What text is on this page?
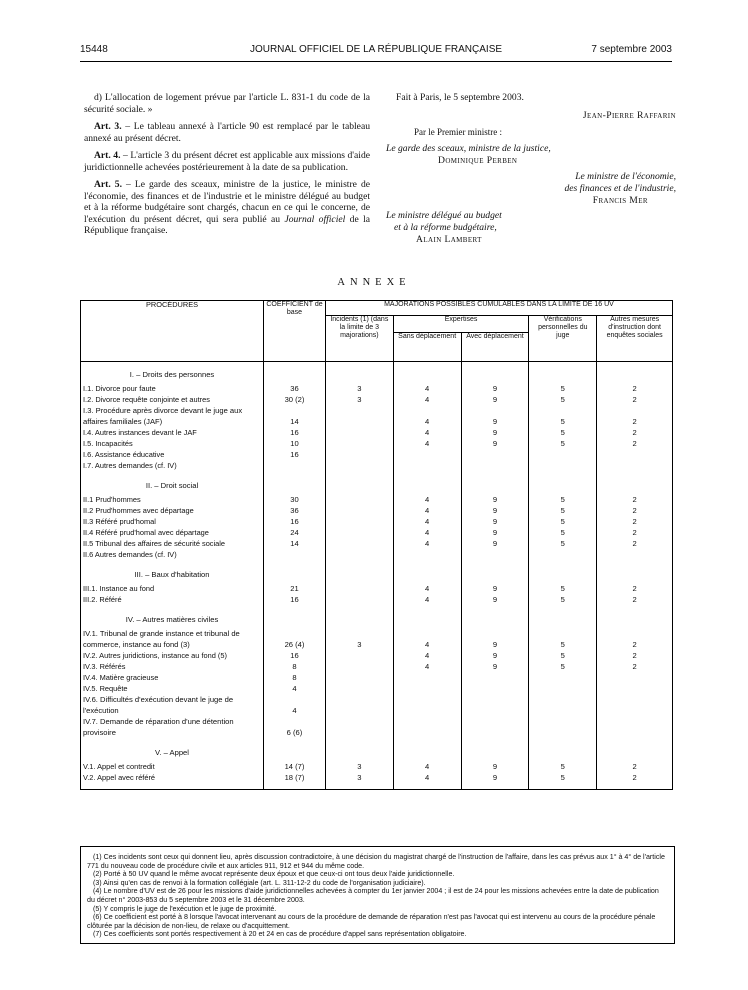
15448	JOURNAL OFFICIEL DE LA RÉPUBLIQUE FRANÇAISE	7 septembre 2003

d) L'allocation de logement prévue par l'article L. 831-1 du code de la sécurité sociale. »

Art. 3. – Le tableau annexé à l'article 90 est remplacé par le tableau annexé au présent décret.

Art. 4. – L'article 3 du présent décret est applicable aux missions d'aide juridictionnelle achevées postérieurement à la date de sa publication.

Art. 5. – Le garde des sceaux, ministre de la justice, le ministre de l'économie, des finances et de l'industrie et le ministre délégué au budget et à la réforme budgétaire sont chargés, chacun en ce qui le concerne, de l'exécution du présent décret, qui sera publié au Journal officiel de la République française.

Fait à Paris, le 5 septembre 2003.
Jean-Pierre Raffarin
Par le Premier ministre :
Le garde des sceaux, ministre de la justice,
Dominique Perben
Le ministre de l'économie,
des finances et de l'industrie,
Francis Mer
Le ministre délégué au budget
et à la réforme budgétaire,
Alain Lambert
ANNEXE
PROCÉDURES	COEFFICIENT de base	MAJORATIONS POSSIBLES CUMULABLES DANS LA LIMITE DE 16 UV				
		Incidents (1) (dans la limite de 3 majorations)	Expertises		Vérifications personnelles du juge	Autres mesures d'instruction dont enquêtes sociales
			Sans déplacement	Avec déplacement		
I. – Droits des personnes						
I.1. Divorce pour faute	36	3	4	9	5	2
I.2. Divorce requête conjointe et autres	30 (2)	3	4	9	5	2
I.3. Procédure après divorce devant le juge aux affaires familiales (JAF)	14		4	9	5	2
I.4. Autres instances devant le JAF	16		4	9	5	2
I.5. Incapacités	10		4	9	5	2
I.6. Assistance éducative	16					
I.7. Autres demandes (cf. IV)						

II. – Droit social						
II.1 Prud'hommes	30		4	9	5	2
II.2 Prud'hommes avec départage	36		4	9	5	2
II.3 Référé prud'homal	16		4	9	5	2
II.4 Référé prud'homal avec départage	24		4	9	5	2
II.5 Tribunal des affaires de sécurité sociale	14		4	9	5	2
II.6 Autres demandes (cf. IV)						

III. – Baux d'habitation						
III.1. Instance au fond	21		4	9	5	2
III.2. Référé	16		4	9	5	2

IV. – Autres matières civiles						
IV.1. Tribunal de grande instance et tribunal de commerce, instance au fond (3)	26 (4)	3	4	9	5	2
IV.2. Autres juridictions, instance au fond (5)	16		4	9	5	2
IV.3. Référés	8		4	9	5	2
IV.4. Matière gracieuse	8					
IV.5. Requête	4					
IV.6. Difficultés d'exécution devant le juge de l'exécution	4					
IV.7. Demande de réparation d'une détention provisoire	6 (6)					

V. – Appel						
V.1. Appel et contredit	14 (7)	3	4	9	5	2
V.2. Appel avec référé	18 (7)	3	4	9	5	2

(1) Ces incidents sont ceux qui donnent lieu, après discussion contradictoire, à une décision du magistrat chargé de l'instruction de l'affaire, dans les cas prévus aux 1° à 4° de l'article 771 du nouveau code de procédure civile et aux articles 911, 912 et 944 du même code.
(2) Porté à 50 UV quand le même avocat représente deux époux et que ceux-ci ont tous deux l'aide juridictionnelle.
(3) Ainsi qu'en cas de renvoi à la formation collégiale (art. L. 311-12-2 du code de l'organisation judiciaire).
(4) Le nombre d'UV est de 26 pour les missions d'aide juridictionnelles achevées à compter du 1er janvier 2004 ; il est de 24 pour les missions achevées entre la date de publication du décret n° 2003-853 du 5 septembre 2003 et le 31 décembre 2003.
(5) Y compris le juge de l'exécution et le juge de proximité.
(6) Ce coefficient est porté à 8 lorsque l'avocat intervenant au cours de la procédure de demande de réparation n'est pas l'avocat qui est intervenu au cours de la procédure pénale clôturée par la décision de non-lieu, de relaxe ou d'acquittement.
(7) Ces coefficients sont portés respectivement à 20 et 24 en cas de procédure d'appel sans représentation obligatoire.
